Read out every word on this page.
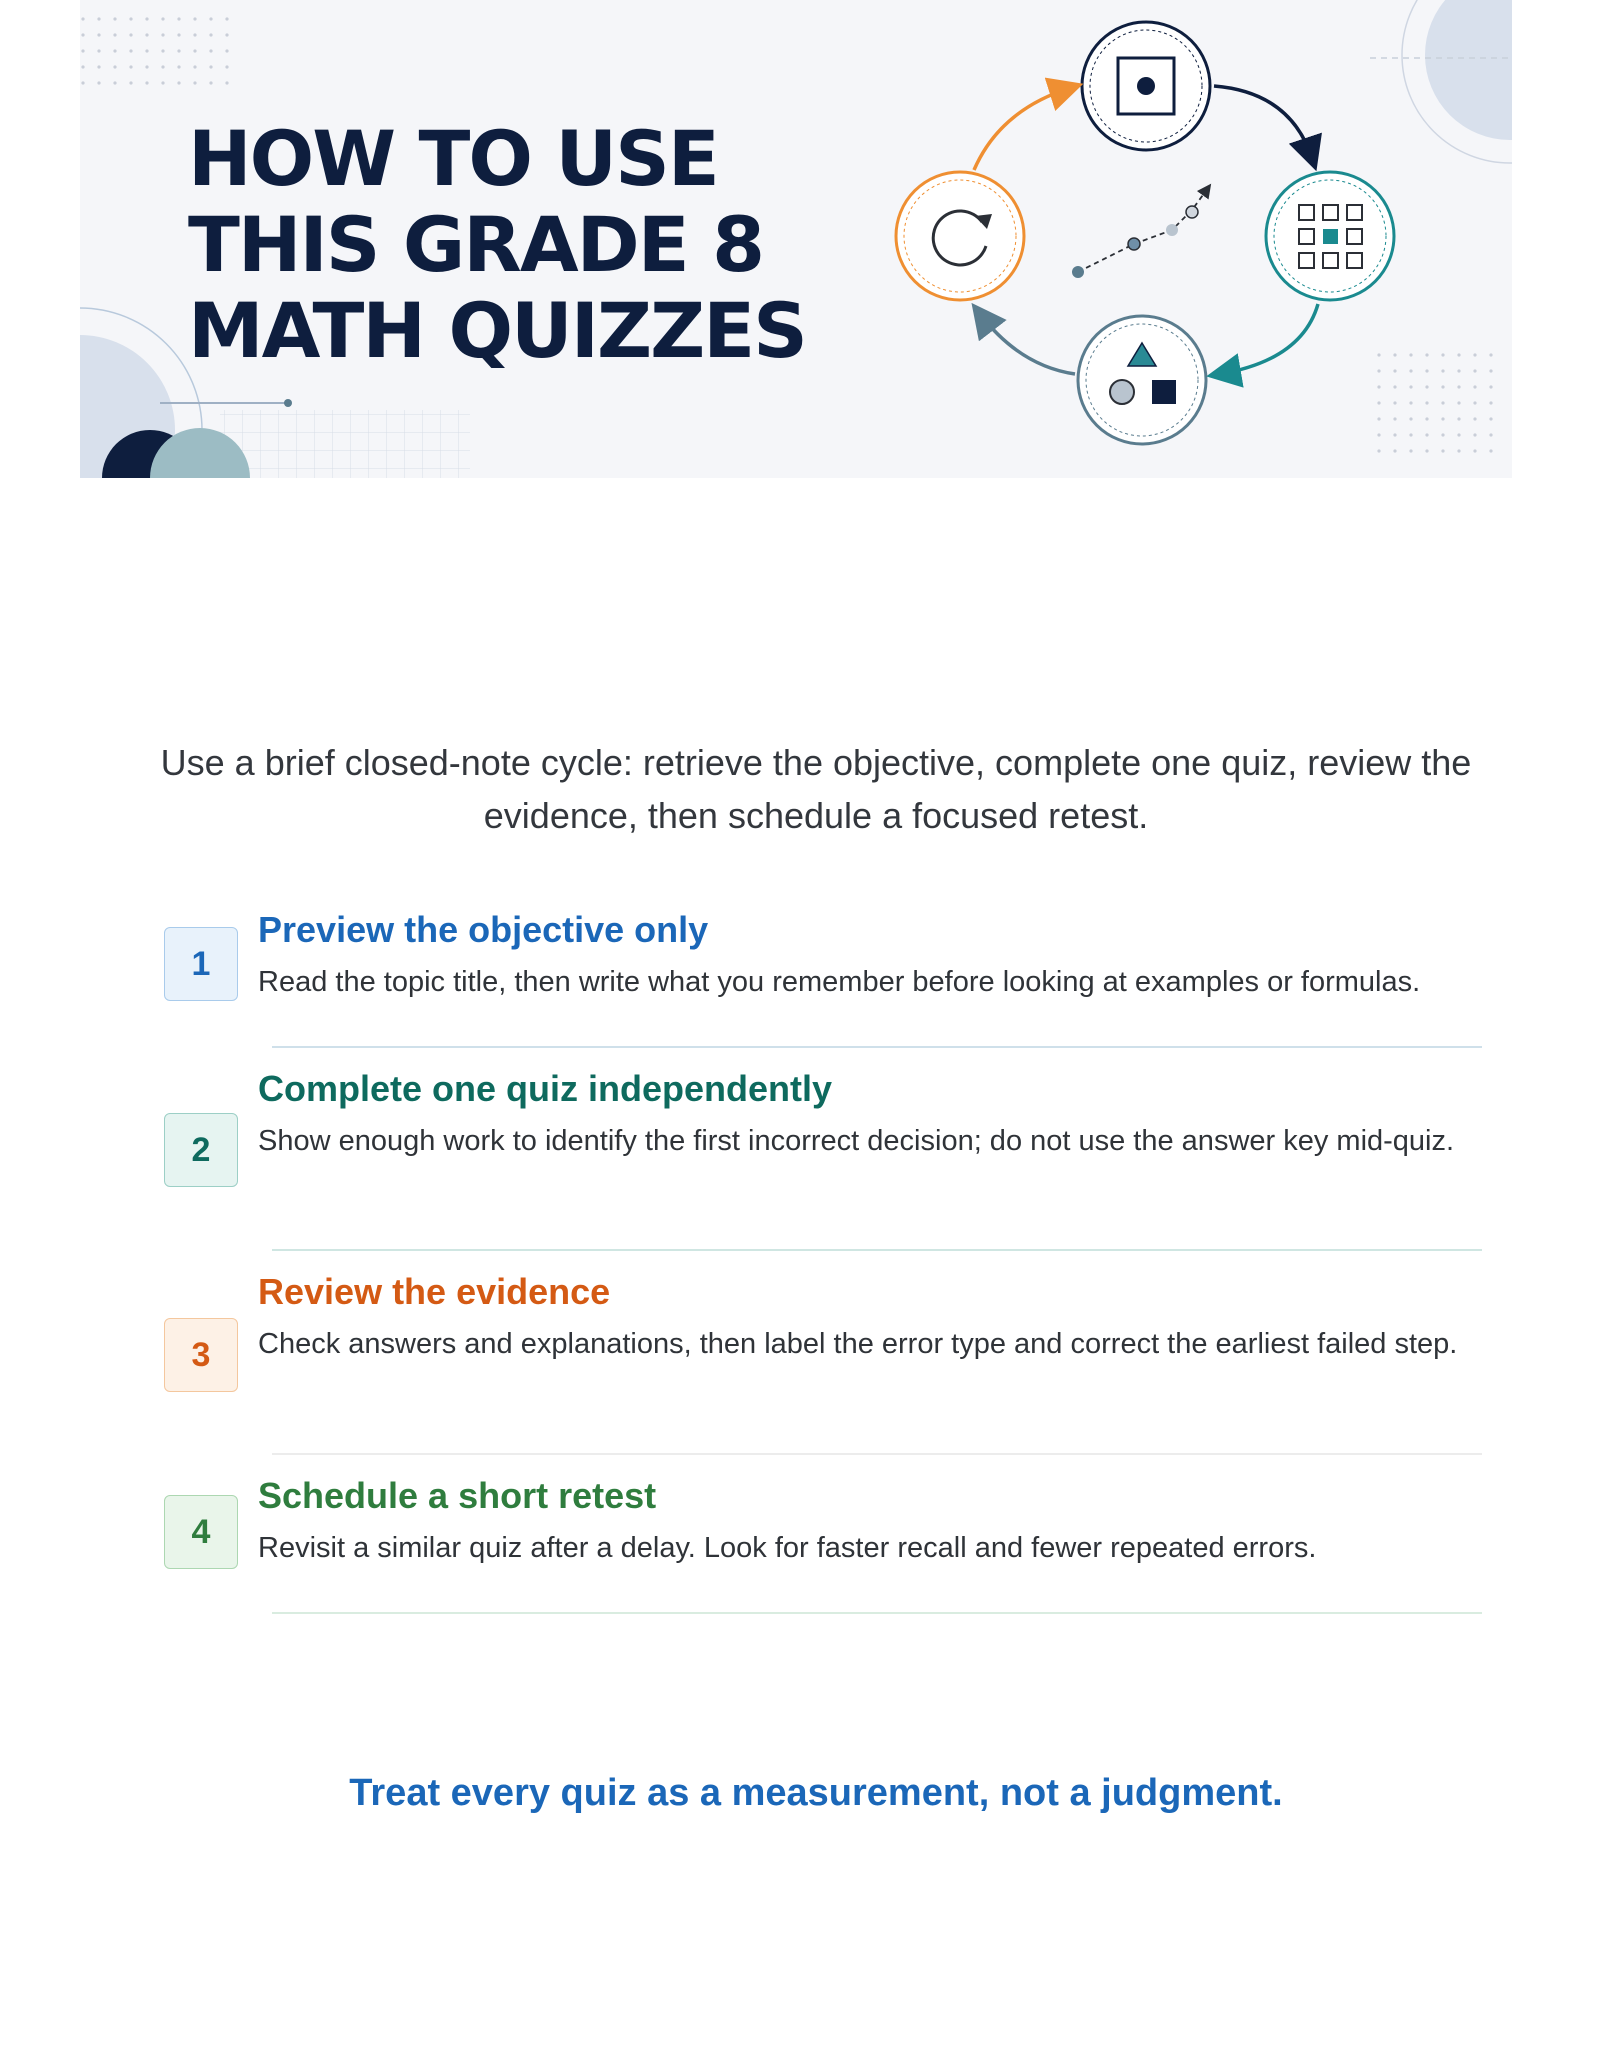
HOW TO USE THIS GRADE 8 MATH QUIZZES

Use a brief closed-note cycle: retrieve the objective, complete one quiz, review the evidence, then schedule a focused retest.

1
Preview the objective only

Read the topic title, then write what you remember before looking at examples or formulas.

2
Complete one quiz independently

Show enough work to identify the first incorrect decision; do not use the answer key mid-quiz.

3
Review the evidence

Check answers and explanations, then label the error type and correct the earliest failed step.

4
Schedule a short retest

Revisit a similar quiz after a delay. Look for faster recall and fewer repeated errors.

Treat every quiz as a measurement, not a judgment.
